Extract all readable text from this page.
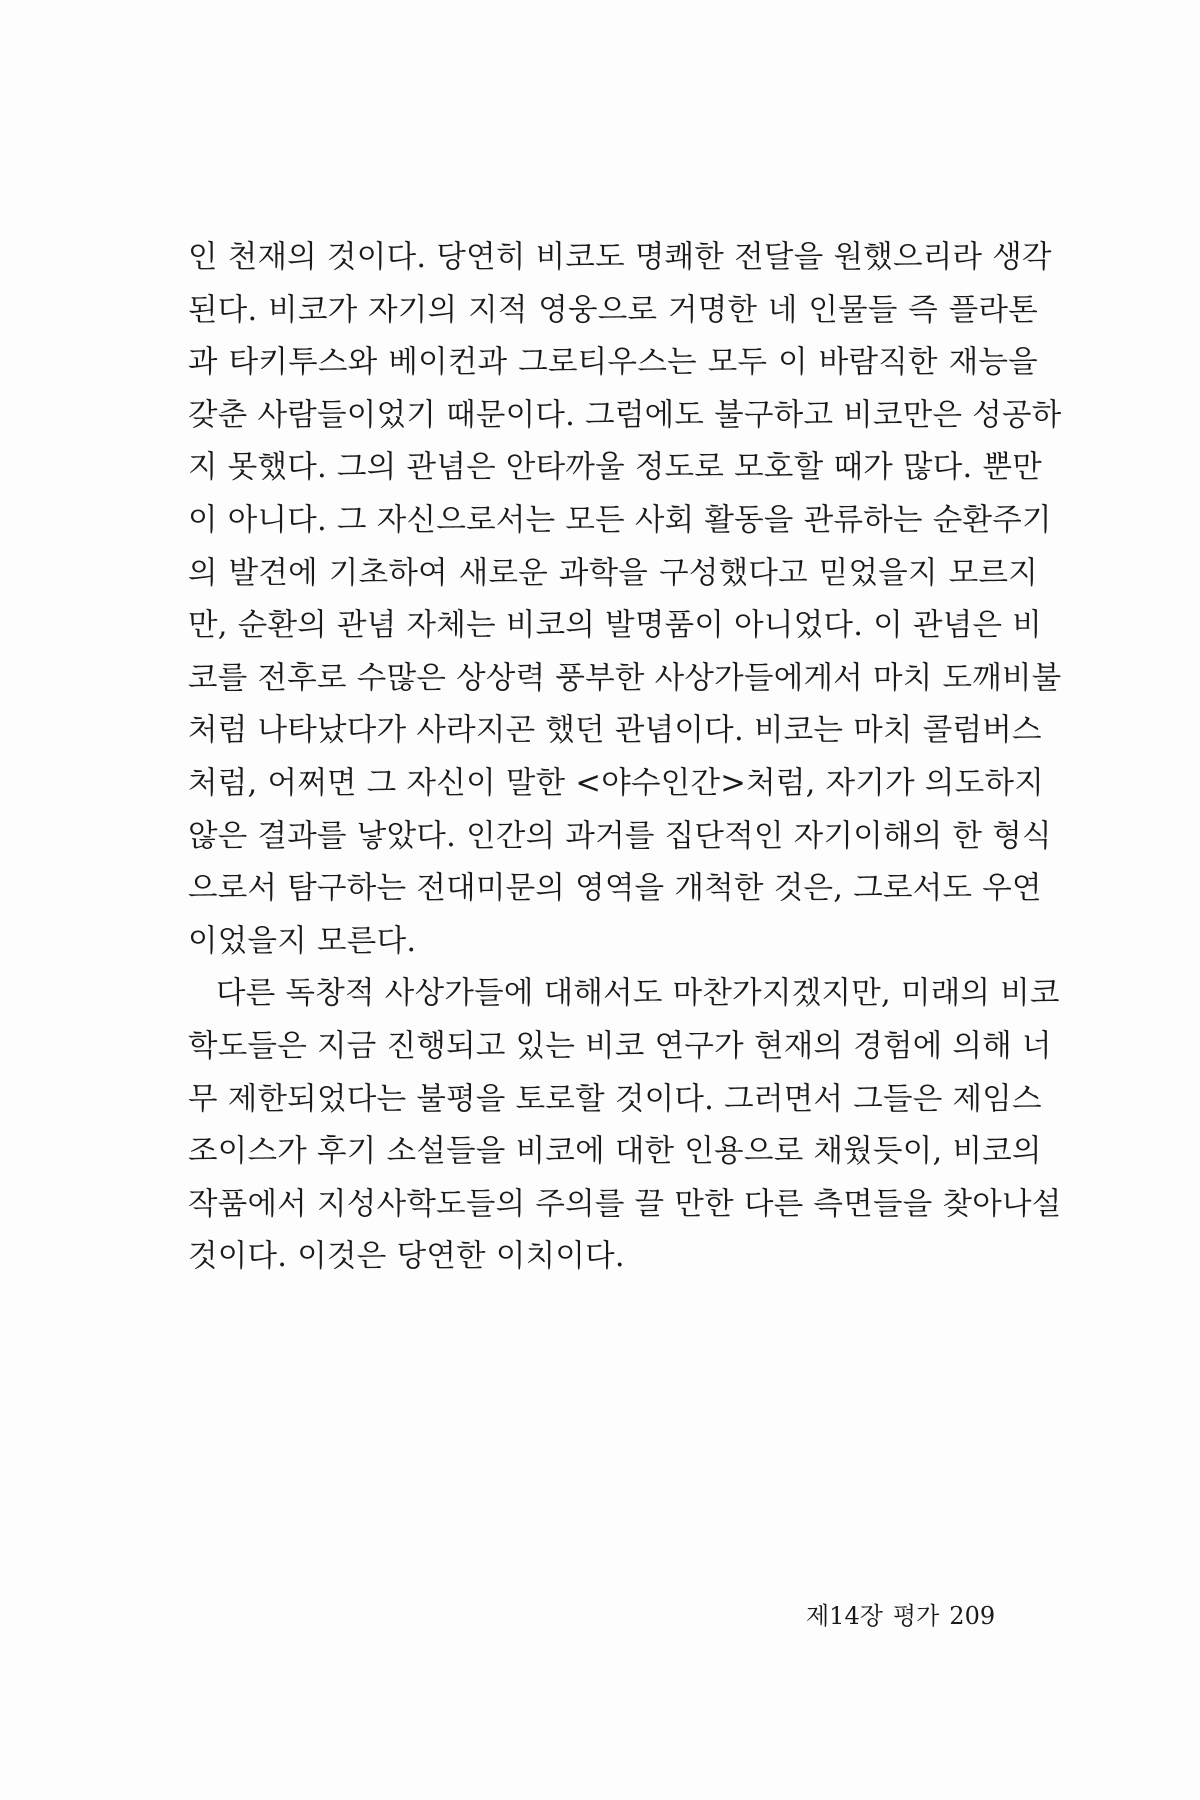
인 천재의 것이다. 당연히 비코도 명쾌한 전달을 원했으리라 생각
된다. 비코가 자기의 지적 영웅으로 거명한 네 인물들 즉 플라톤
과 타키투스와 베이컨과 그로티우스는 모두 이 바람직한 재능을
갖춘 사람들이었기 때문이다. 그럼에도 불구하고 비코만은 성공하
지 못했다. 그의 관념은 안타까울 정도로 모호할 때가 많다. 뿐만
이 아니다. 그 자신으로서는 모든 사회 활동을 관류하는 순환주기
의 발견에 기초하여 새로운 과학을 구성했다고 믿었을지 모르지
만, 순환의 관념 자체는 비코의 발명품이 아니었다. 이 관념은 비
코를 전후로 수많은 상상력 풍부한 사상가들에게서 마치 도깨비불
처럼 나타났다가 사라지곤 했던 관념이다. 비코는 마치 콜럼버스
처럼, 어쩌면 그 자신이 말한 <야수인간>처럼, 자기가 의도하지
않은 결과를 낳았다. 인간의 과거를 집단적인 자기이해의 한 형식
으로서 탐구하는 전대미문의 영역을 개척한 것은, 그로서도 우연
이었을지 모른다.
다른 독창적 사상가들에 대해서도 마찬가지겠지만, 미래의 비코
학도들은 지금 진행되고 있는 비코 연구가 현재의 경험에 의해 너
무 제한되었다는 불평을 토로할 것이다. 그러면서 그들은 제임스
조이스가 후기 소설들을 비코에 대한 인용으로 채웠듯이, 비코의
작품에서 지성사학도들의 주의를 끌 만한 다른 측면들을 찾아나설
것이다. 이것은 당연한 이치이다.
제14장 평가 209
